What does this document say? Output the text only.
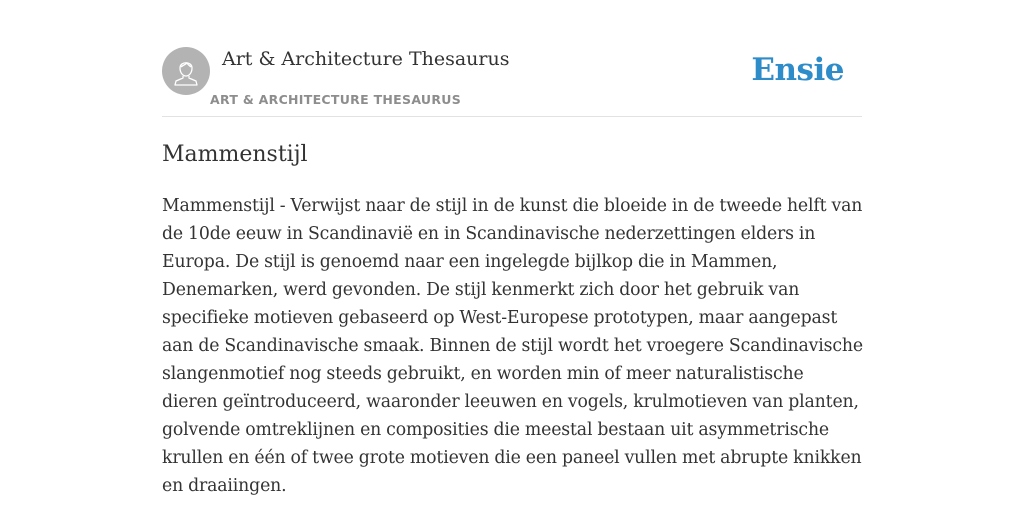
Art & Architecture Thesaurus
ART & ARCHITECTURE THESAURUS
Ensie
Mammenstijl

Mammenstijl - Verwijst naar de stijl in de kunst die bloeide in de tweede helft van de 10de eeuw in Scandinavië en in Scandinavische nederzettingen elders in Europa. De stijl is genoemd naar een ingelegde bijlkop die in Mammen, Denemarken, werd gevonden. De stijl kenmerkt zich door het gebruik van specifieke motieven gebaseerd op West-Europese prototypen, maar aangepast aan de Scandinavische smaak. Binnen de stijl wordt het vroegere Scandinavische slangenmotief nog steeds gebruikt, en worden min of meer naturalistische dieren geïntroduceerd, waaronder leeuwen en vogels, krulmotieven van planten, golvende omtreklijnen en composities die meestal bestaan uit asymmetrische krullen en één of twee grote motieven die een paneel vullen met abrupte knikken en draaiingen.
